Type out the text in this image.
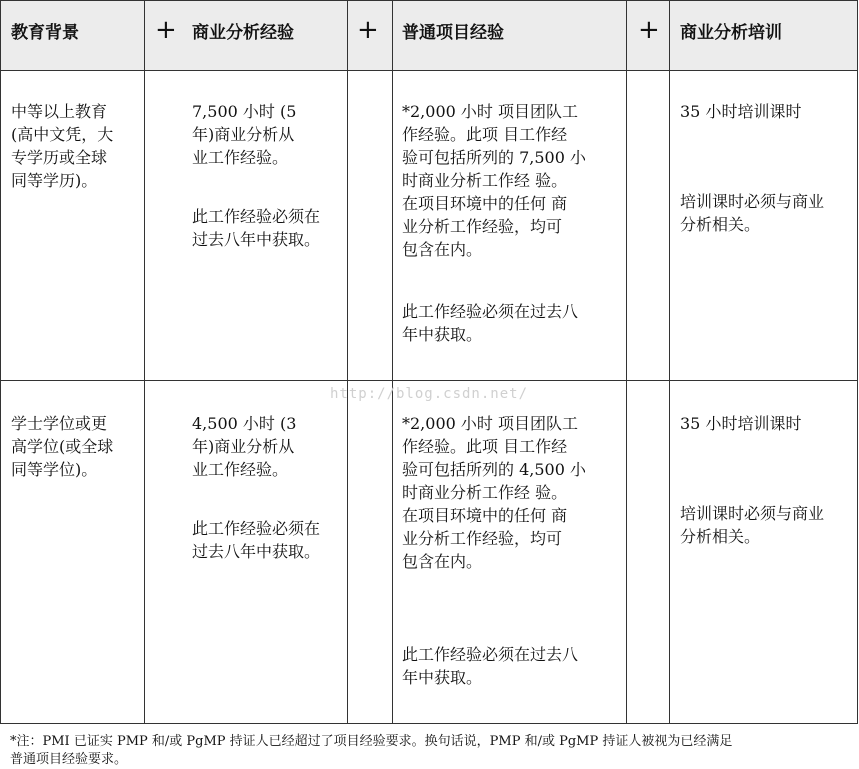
教育背景	+ 商业分析经验 + 普通项目经验	+ 商业分析培训
中等以上教育
(高中文凭，大
专学历或全球
同等学历)。
7,500 小时 (5
年)商业分析从
业工作经验。
此工作经验必须在
过去八年中获取。
*2,000 小时 项目团队工
作经验。此项 目工作经
验可包括所列的 7,500 小
时商业分析工作经 验。
在项目环境中的任何 商
业分析工作经验，均可
包含在内。
此工作经验必须在过去八
年中获取。
35 小时培训课时
培训课时必须与商业
分析相关。
学士学位或更
高学位(或全球
同等学位)。
4,500 小时 (3
年)商业分析从
业工作经验。
此工作经验必须在
过去八年中获取。
*2,000 小时 项目团队工
作经验。此项 目工作经
验可包括所列的 4,500 小
时商业分析工作经 验。
在项目环境中的任何 商
业分析工作经验，均可
包含在内。
此工作经验必须在过去八
年中获取。
35 小时培训课时
培训课时必须与商业
分析相关。
http://blog.csdn.net/
*注：PMI 已证实 PMP 和/或 PgMP 持证人已经超过了项目经验要求。换句话说，PMP 和/或 PgMP 持证人被视为已经满足
普通项目经验要求。
